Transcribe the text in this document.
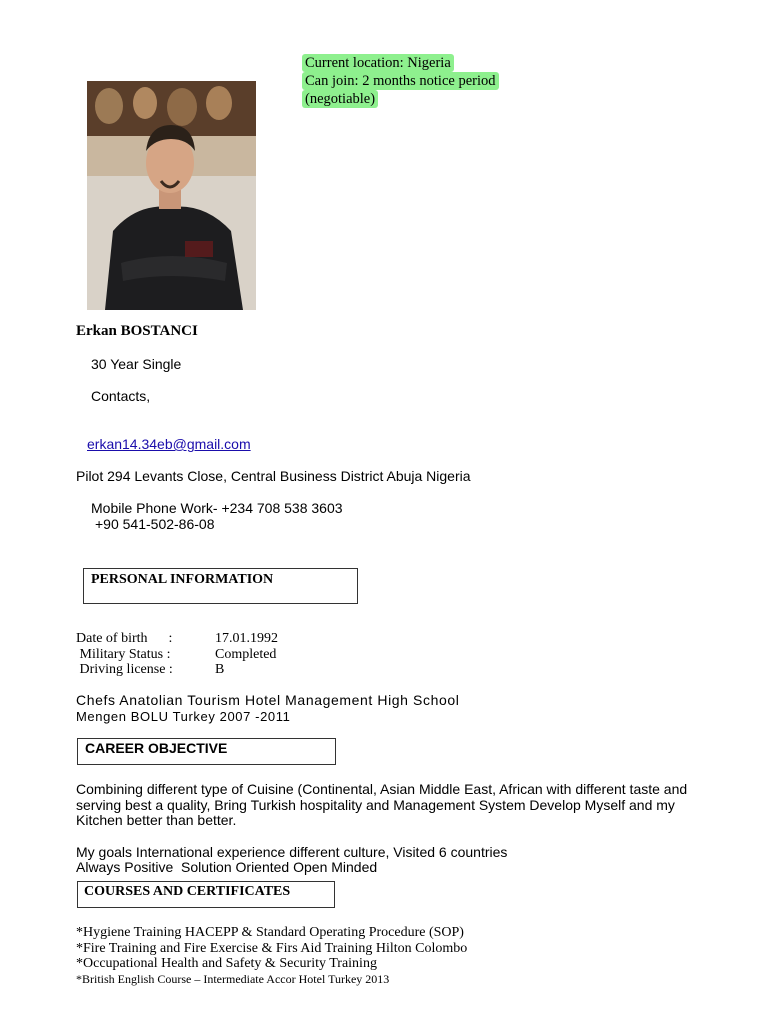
Current location: Nigeria
Can join: 2 months notice period
(negotiable)
Erkan BOSTANCI
30 Year Single
Contacts,
erkan14.34eb@gmail.com
Pilot 294 Levants Close, Central Business District Abuja Nigeria
Mobile Phone Work- +234 708 538 3603
+90 541-502-86-08
PERSONAL INFORMATION
Date of birth      :	17.01.1992
Military Status :	Completed
Driving license :	B
Chefs Anatolian Tourism Hotel Management High School
Mengen BOLU Turkey 2007 -2011
CAREER OBJECTIVE
Combining different type of Cuisine (Continental, Asian Middle East, African with different taste and serving best a quality, Bring Turkish hospitality and Management System Develop Myself and my Kitchen better than better.
My goals International experience different culture, Visited 6 countries
Always Positive  Solution Oriented Open Minded
COURSES AND CERTIFICATES
*Hygiene Training HACEPP & Standard Operating Procedure (SOP)
*Fire Training and Fire Exercise & Firs Aid Training Hilton Colombo
*Occupational Health and Safety & Security Training
*British English Course – Intermediate Accor Hotel Turkey 2013
